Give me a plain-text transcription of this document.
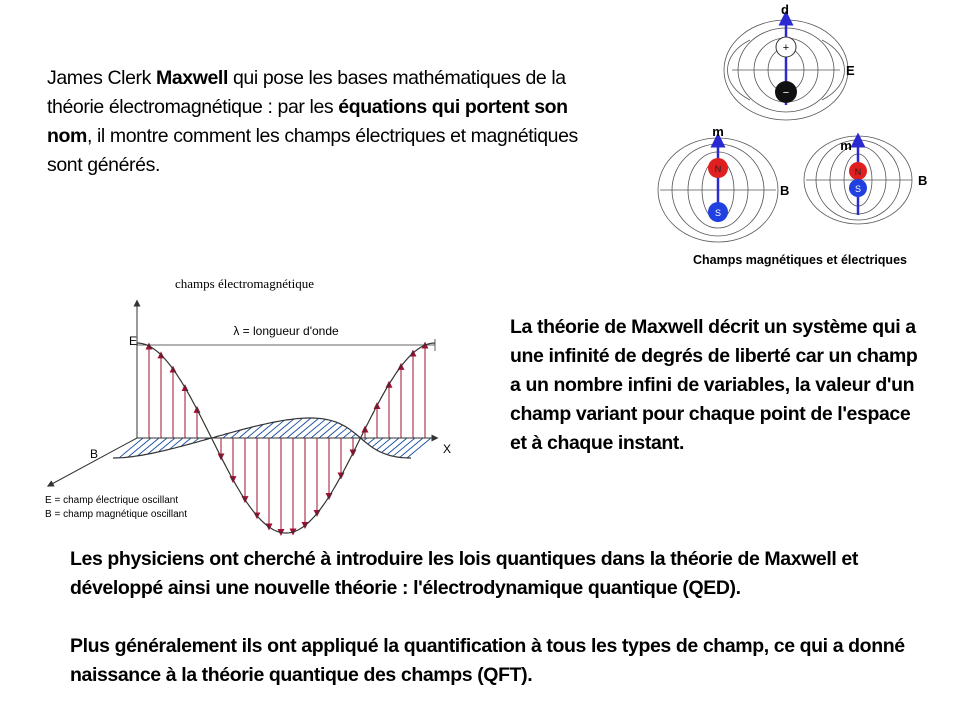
James Clerk Maxwell qui pose les bases mathématiques de la théorie électromagnétique : par les équations qui portent son nom, il montre comment les champs électriques et magnétiques sont générés.
+
−
d
E
N
S
m
B
N
S
m
B
Champs magnétiques et électriques
champs électromagnétique
λ = longueur d'onde
E
B	X
E = champ électrique oscillant
B = champ magnétique oscillant
La théorie de Maxwell décrit un système qui a une infinité de degrés de liberté car un champ a un nombre infini de variables, la valeur d'un champ variant pour chaque point de l'espace et à chaque instant.
Les physiciens ont cherché à introduire les lois quantiques dans la théorie de Maxwell et développé ainsi une nouvelle théorie : l'électrodynamique quantique (QED).
Plus généralement ils ont appliqué la quantification à tous les types de champ, ce qui a donné naissance à la théorie quantique des champs (QFT).
